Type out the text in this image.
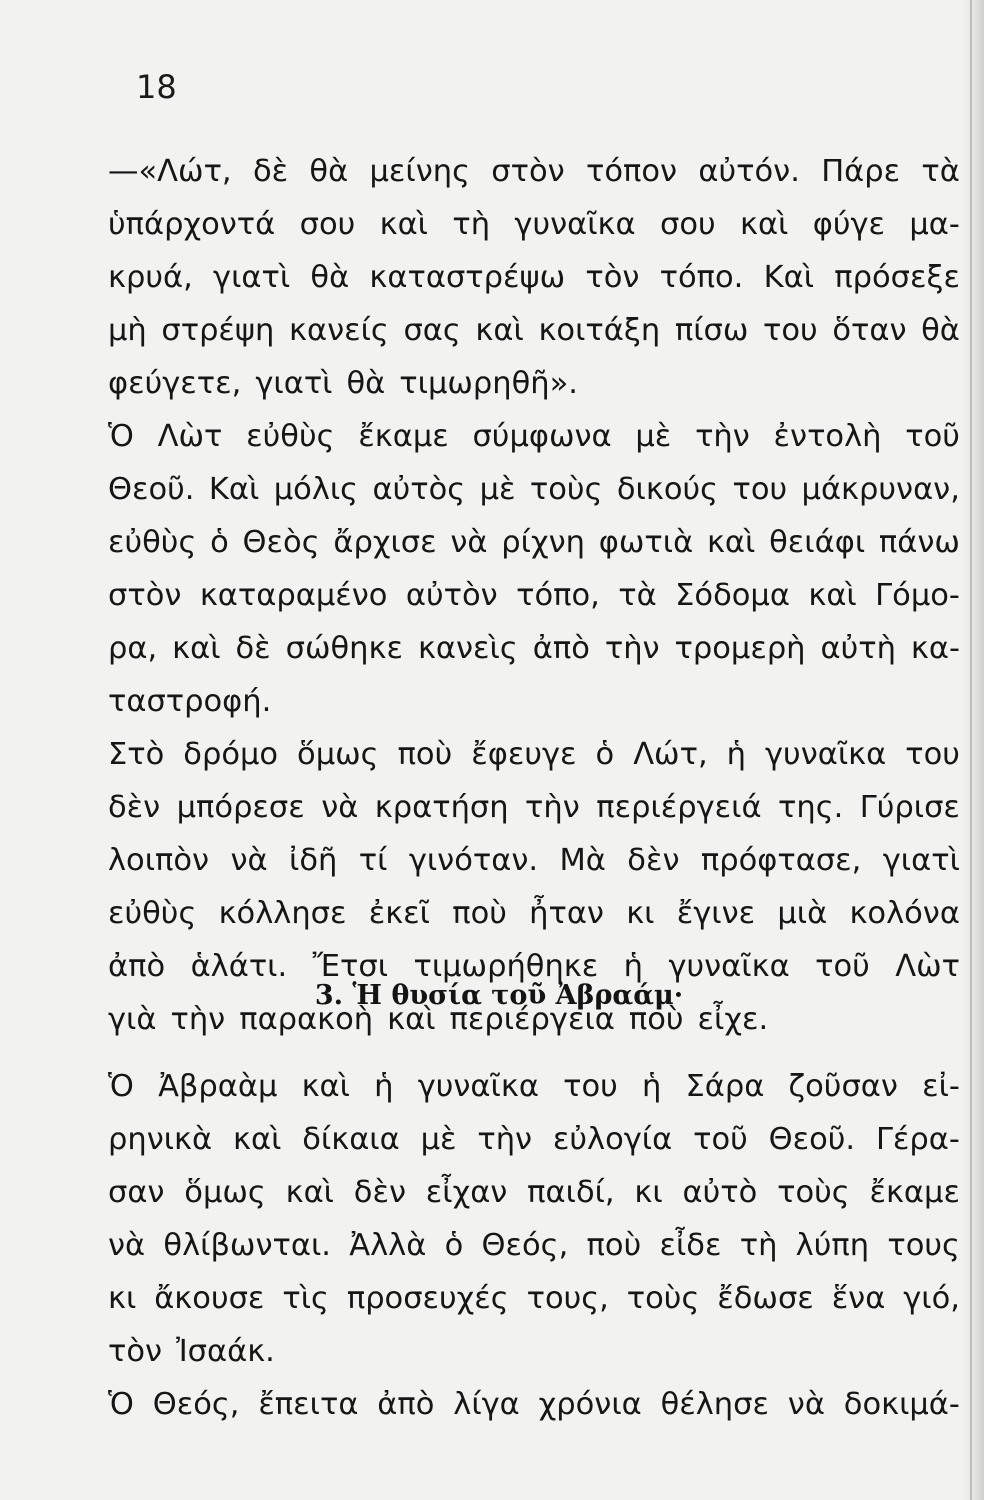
18
—«Λώτ, δὲ θὰ μείνης στὸν τόπον αὐτόν. Πάρε τὰ
ὑπάρχοντά σου καὶ τὴ γυναῖκα σου καὶ φύγε μα-
κρυά, γιατὶ θὰ καταστρέψω τὸν τόπο. Καὶ πρόσεξε
μὴ στρέψη κανείς σας καὶ κοιτάξη πίσω του ὅταν θὰ
φεύγετε, γιατὶ θὰ τιμωρηθῆ».
Ὁ Λὼτ εὐθὺς ἔκαμε σύμφωνα μὲ τὴν ἐντολὴ τοῦ
Θεοῦ. Καὶ μόλις αὐτὸς μὲ τοὺς δικούς του μάκρυναν,
εὐθὺς ὁ Θεὸς ἄρχισε νὰ ρίχνη φωτιὰ καὶ θειάφι πάνω
στὸν καταραμένο αὐτὸν τόπο, τὰ Σόδομα καὶ Γόμο-
ρα, καὶ δὲ σώθηκε κανεὶς ἀπὸ τὴν τρομερὴ αὐτὴ κα-
ταστροφή.
Στὸ δρόμο ὅμως ποὺ ἔφευγε ὁ Λώτ, ἡ γυναῖκα του
δὲν μπόρεσε νὰ κρατήση τὴν περιέργειά της. Γύρισε
λοιπὸν νὰ ἰδῆ τί γινόταν. Μὰ δὲν πρόφτασε, γιατὶ
εὐθὺς κόλλησε ἐκεῖ ποὺ ἦταν κι ἔγινε μιὰ κολόνα
ἀπὸ ἁλάτι. Ἔτσι τιμωρήθηκε ἡ γυναῖκα τοῦ Λὼτ
γιὰ τὴν παρακοὴ καὶ περιέργεια ποὺ εἶχε.
3. Ἡ θυσία τοῦ Ἀβραάμ·
Ὁ Ἀβραὰμ καὶ ἡ γυναῖκα του ἡ Σάρα ζοῦσαν εἰ-
ρηνικὰ καὶ δίκαια μὲ τὴν εὐλογία τοῦ Θεοῦ. Γέρα-
σαν ὅμως καὶ δὲν εἶχαν παιδί, κι αὐτὸ τοὺς ἔκαμε
νὰ θλίβωνται. Ἀλλὰ ὁ Θεός, ποὺ εἶδε τὴ λύπη τους
κι ἄκουσε τὶς προσευχές τους, τοὺς ἔδωσε ἕνα γιό,
τὸν Ἰσαάκ.
Ὁ Θεός, ἔπειτα ἀπὸ λίγα χρόνια θέλησε νὰ δοκιμά-
